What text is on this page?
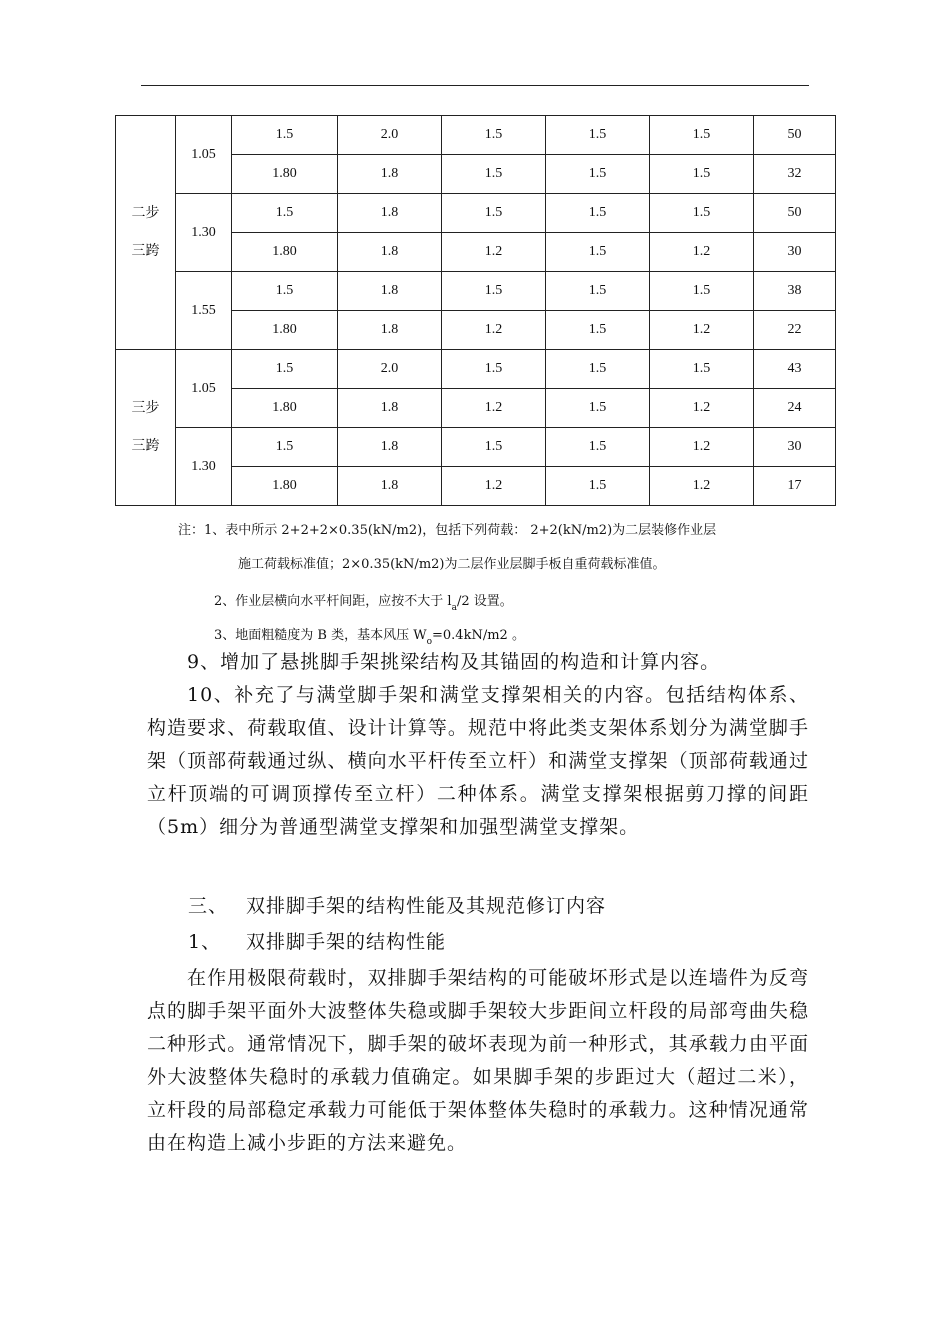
二步
三跨	1.05	1.5	2.0	1.5	1.5	1.5	50
		1.80	1.8	1.5	1.5	1.5	32
	1.30	1.5	1.8	1.5	1.5	1.5	50
		1.80	1.8	1.2	1.5	1.2	30
	1.55	1.5	1.8	1.5	1.5	1.5	38
		1.80	1.8	1.2	1.5	1.2	22

三步
三跨	1.05	1.5	2.0	1.5	1.5	1.5	43
		1.80	1.8	1.2	1.5	1.2	24
	1.30	1.5	1.8	1.5	1.5	1.2	30
		1.80	1.8	1.2	1.5	1.2	17
注：1、表中所示 2+2+2×0.35(kN/m2)，包括下列荷载： 2+2(kN/m2)为二层装修作业层
施工荷载标准值；2×0.35(kN/m2)为二层作业层脚手板自重荷载标准值。
2、作业层横向水平杆间距，应按不大于 $l_a/2$ 设置。
3、地面粗糙度为 B 类，基本风压 $W_o=0.4kN/m2$ 。

9、增加了悬挑脚手架挑梁结构及其锚固的构造和计算内容。

10、补充了与满堂脚手架和满堂支撑架相关的内容。包括结构体系、构造要求、荷载取值、设计计算等。规范中将此类支架体系划分为满堂脚手架（顶部荷载通过纵、横向水平杆传至立杆）和满堂支撑架（顶部荷载通过立杆顶端的可调顶撑传至立杆）二种体系。满堂支撑架根据剪刀撑的间距（5m）细分为普通型满堂支撑架和加强型满堂支撑架。

三、 双排脚手架的结构性能及其规范修订内容
1、 双排脚手架的结构性能

在作用极限荷载时，双排脚手架结构的可能破坏形式是以连墙件为反弯点的脚手架平面外大波整体失稳或脚手架较大步距间立杆段的局部弯曲失稳二种形式。通常情况下，脚手架的破坏表现为前一种形式，其承载力由平面外大波整体失稳时的承载力值确定。如果脚手架的步距过大（超过二米），立杆段的局部稳定承载力可能低于架体整体失稳时的承载力。这种情况通常由在构造上减小步距的方法来避免。
